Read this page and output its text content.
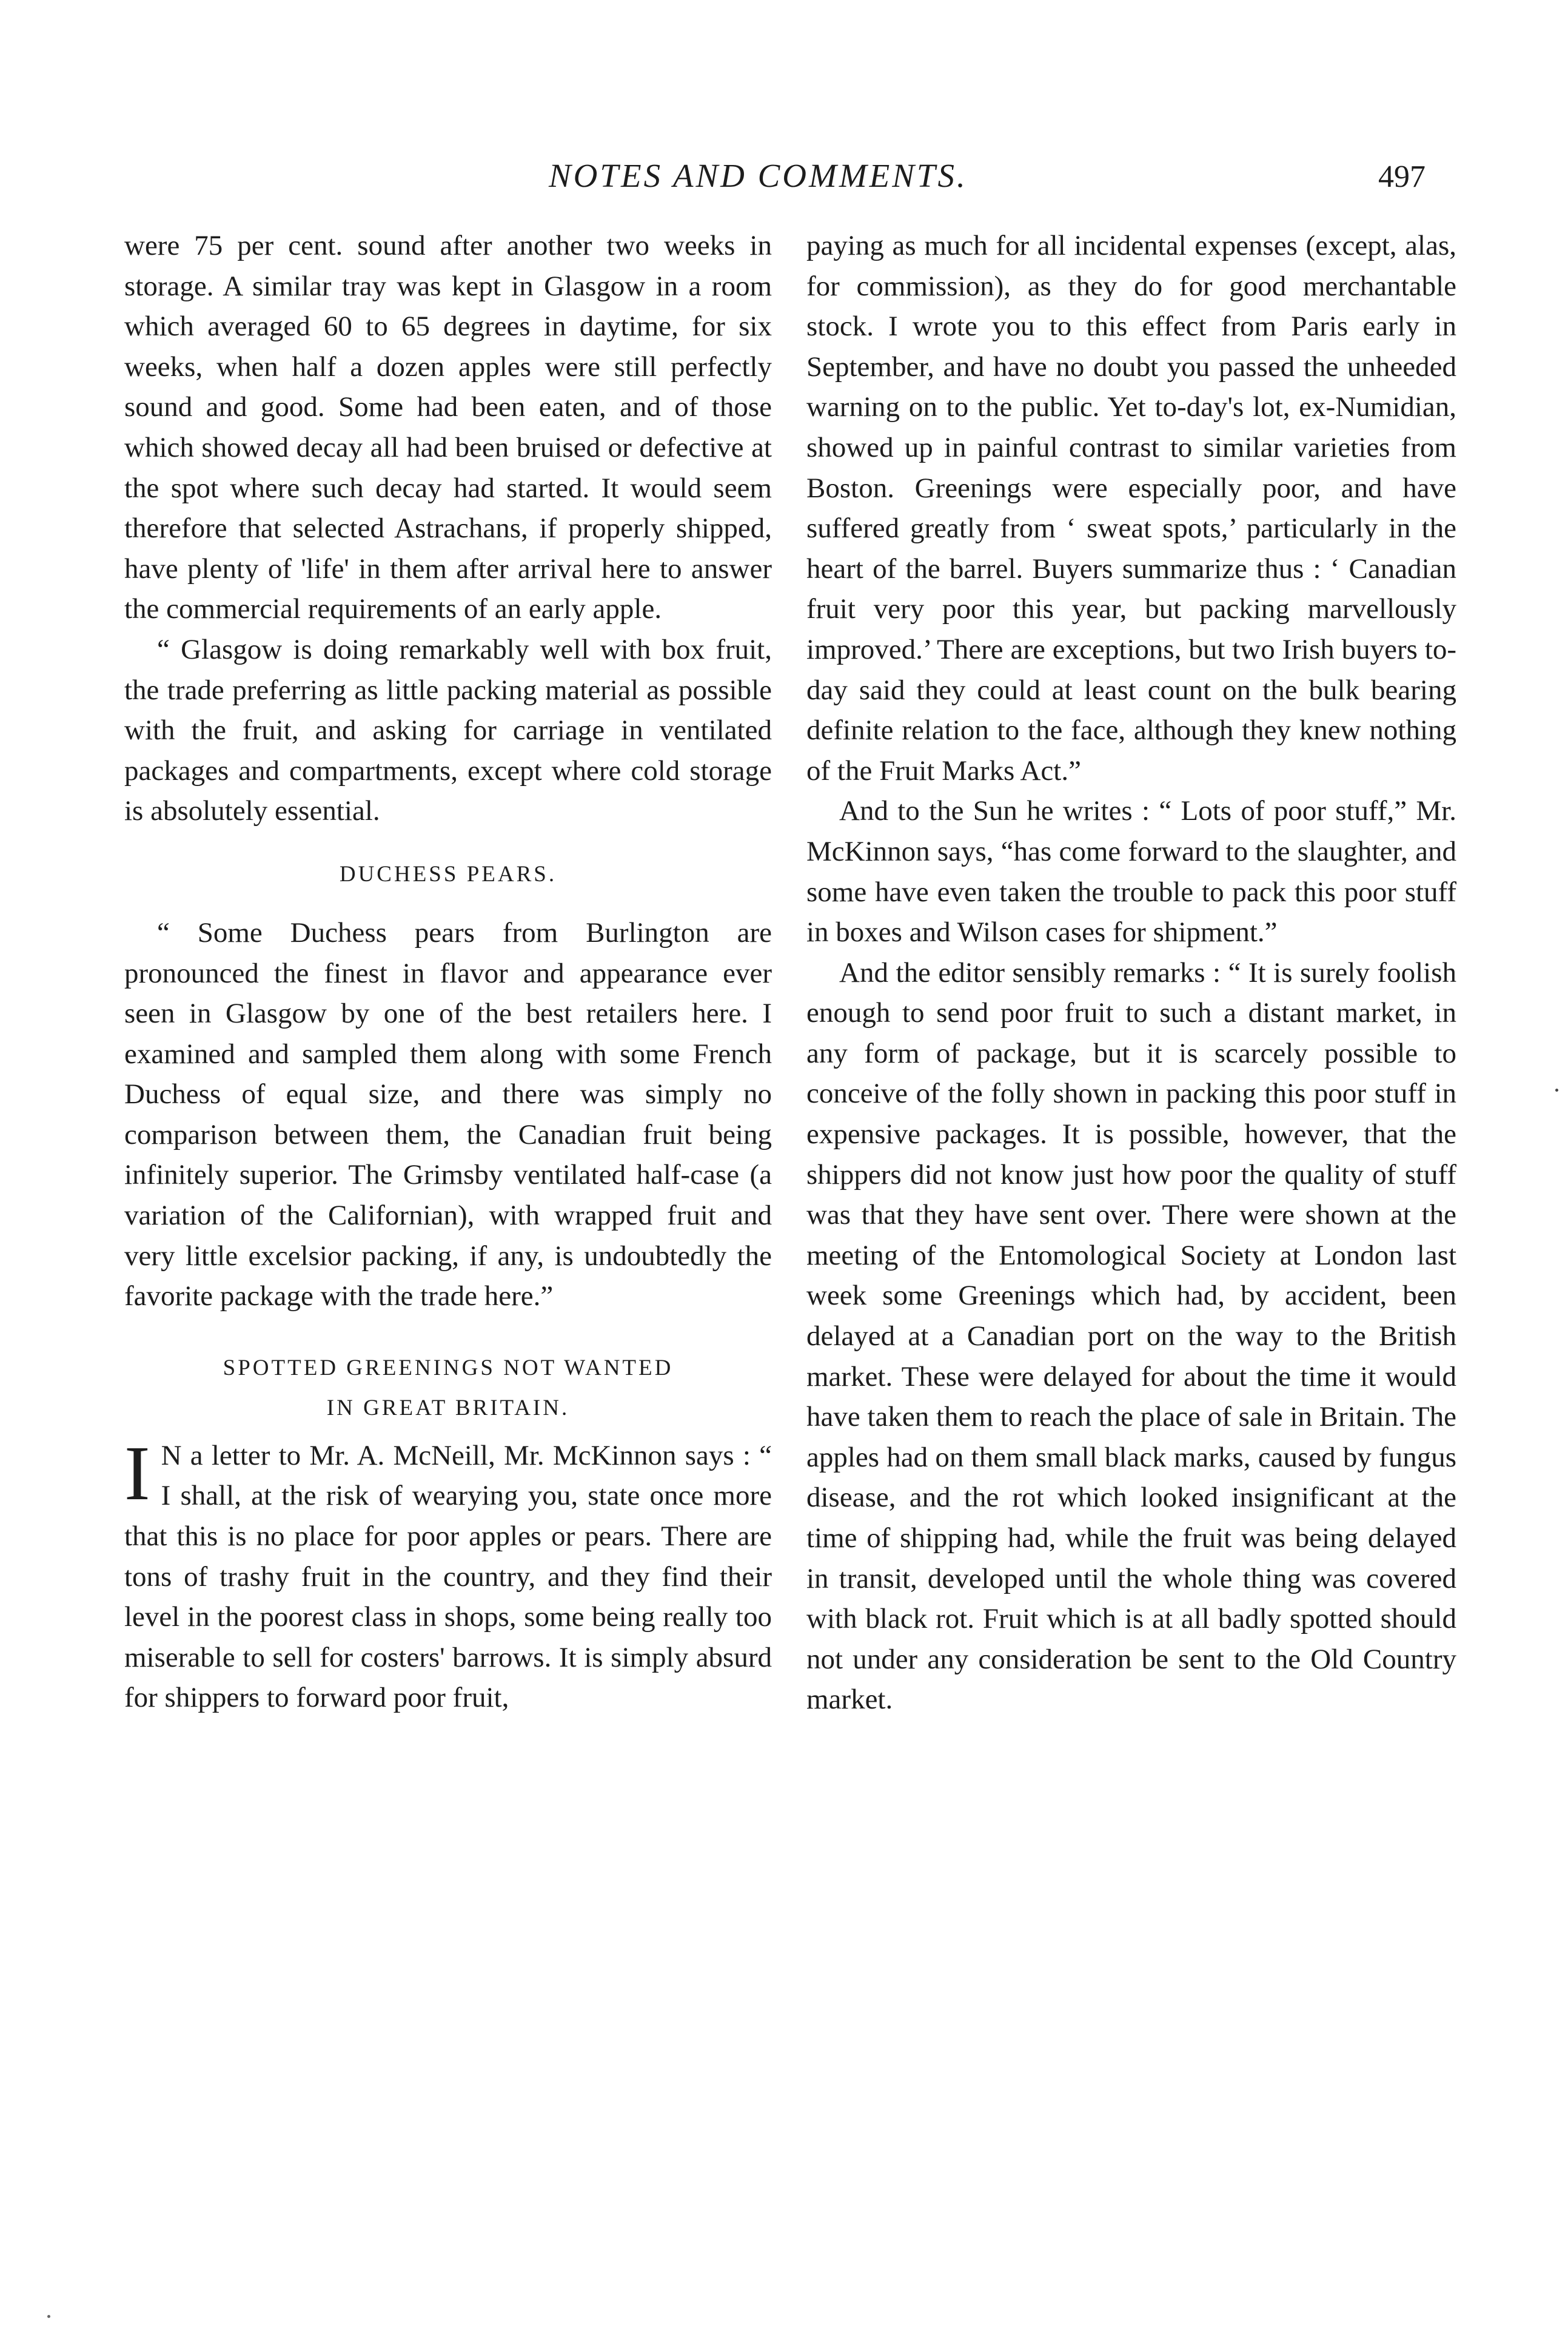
NOTES AND COMMENTS.	497

were 75 per cent. sound after another two weeks in storage. A similar tray was kept in Glasgow in a room which averaged 60 to 65 degrees in daytime, for six weeks, when half a dozen apples were still perfectly sound and good. Some had been eaten, and of those which showed decay all had been bruised or defective at the spot where such decay had started. It would seem therefore that selected Astrachans, if properly shipped, have plenty of 'life' in them after arrival here to answer the commercial requirements of an early apple.

“ Glasgow is doing remarkably well with box fruit, the trade preferring as little packing material as possible with the fruit, and asking for carriage in ventilated packages and compartments, except where cold storage is absolutely essential.

DUCHESS PEARS.

“ Some Duchess pears from Burlington are pronounced the finest in flavor and appearance ever seen in Glasgow by one of the best retailers here. I examined and sampled them along with some French Duchess of equal size, and there was simply no comparison between them, the Canadian fruit being infinitely superior. The Grimsby ventilated half-case (a variation of the Californian), with wrapped fruit and very little excelsior packing, if any, is undoubtedly the favorite package with the trade here.”

SPOTTED GREENINGS NOT WANTED
IN GREAT BRITAIN.

I N a letter to Mr. A. McNeill, Mr. McKinnon says : “ I shall, at the risk of wearying you, state once more that this is no place for poor apples or pears. There are tons of trashy fruit in the country, and they find their level in the poorest class in shops, some being really too miserable to sell for costers' barrows. It is simply absurd for shippers to forward poor fruit,

paying as much for all incidental expenses (except, alas, for commission), as they do for good merchantable stock. I wrote you to this effect from Paris early in September, and have no doubt you passed the unheeded warning on to the public. Yet to-day's lot, ex-Numidian, showed up in painful contrast to similar varieties from Boston. Greenings were especially poor, and have suffered greatly from ‘ sweat spots,’ particularly in the heart of the barrel. Buyers summarize thus : ‘ Canadian fruit very poor this year, but packing marvellously improved.’ There are exceptions, but two Irish buyers to-day said they could at least count on the bulk bearing definite relation to the face, although they knew nothing of the Fruit Marks Act.”

And to the Sun he writes : “ Lots of poor stuff,” Mr. McKinnon says, “has come forward to the slaughter, and some have even taken the trouble to pack this poor stuff in boxes and Wilson cases for shipment.”

And the editor sensibly remarks : “ It is surely foolish enough to send poor fruit to such a distant market, in any form of package, but it is scarcely possible to conceive of the folly shown in packing this poor stuff in expensive packages. It is possible, however, that the shippers did not know just how poor the quality of stuff was that they have sent over. There were shown at the meeting of the Entomological Society at London last week some Greenings which had, by accident, been delayed at a Canadian port on the way to the British market. These were delayed for about the time it would have taken them to reach the place of sale in Britain. The apples had on them small black marks, caused by fungus disease, and the rot which looked insignificant at the time of shipping had, while the fruit was being delayed in transit, developed until the whole thing was covered with black rot. Fruit which is at all badly spotted should not under any consideration be sent to the Old Country market.
